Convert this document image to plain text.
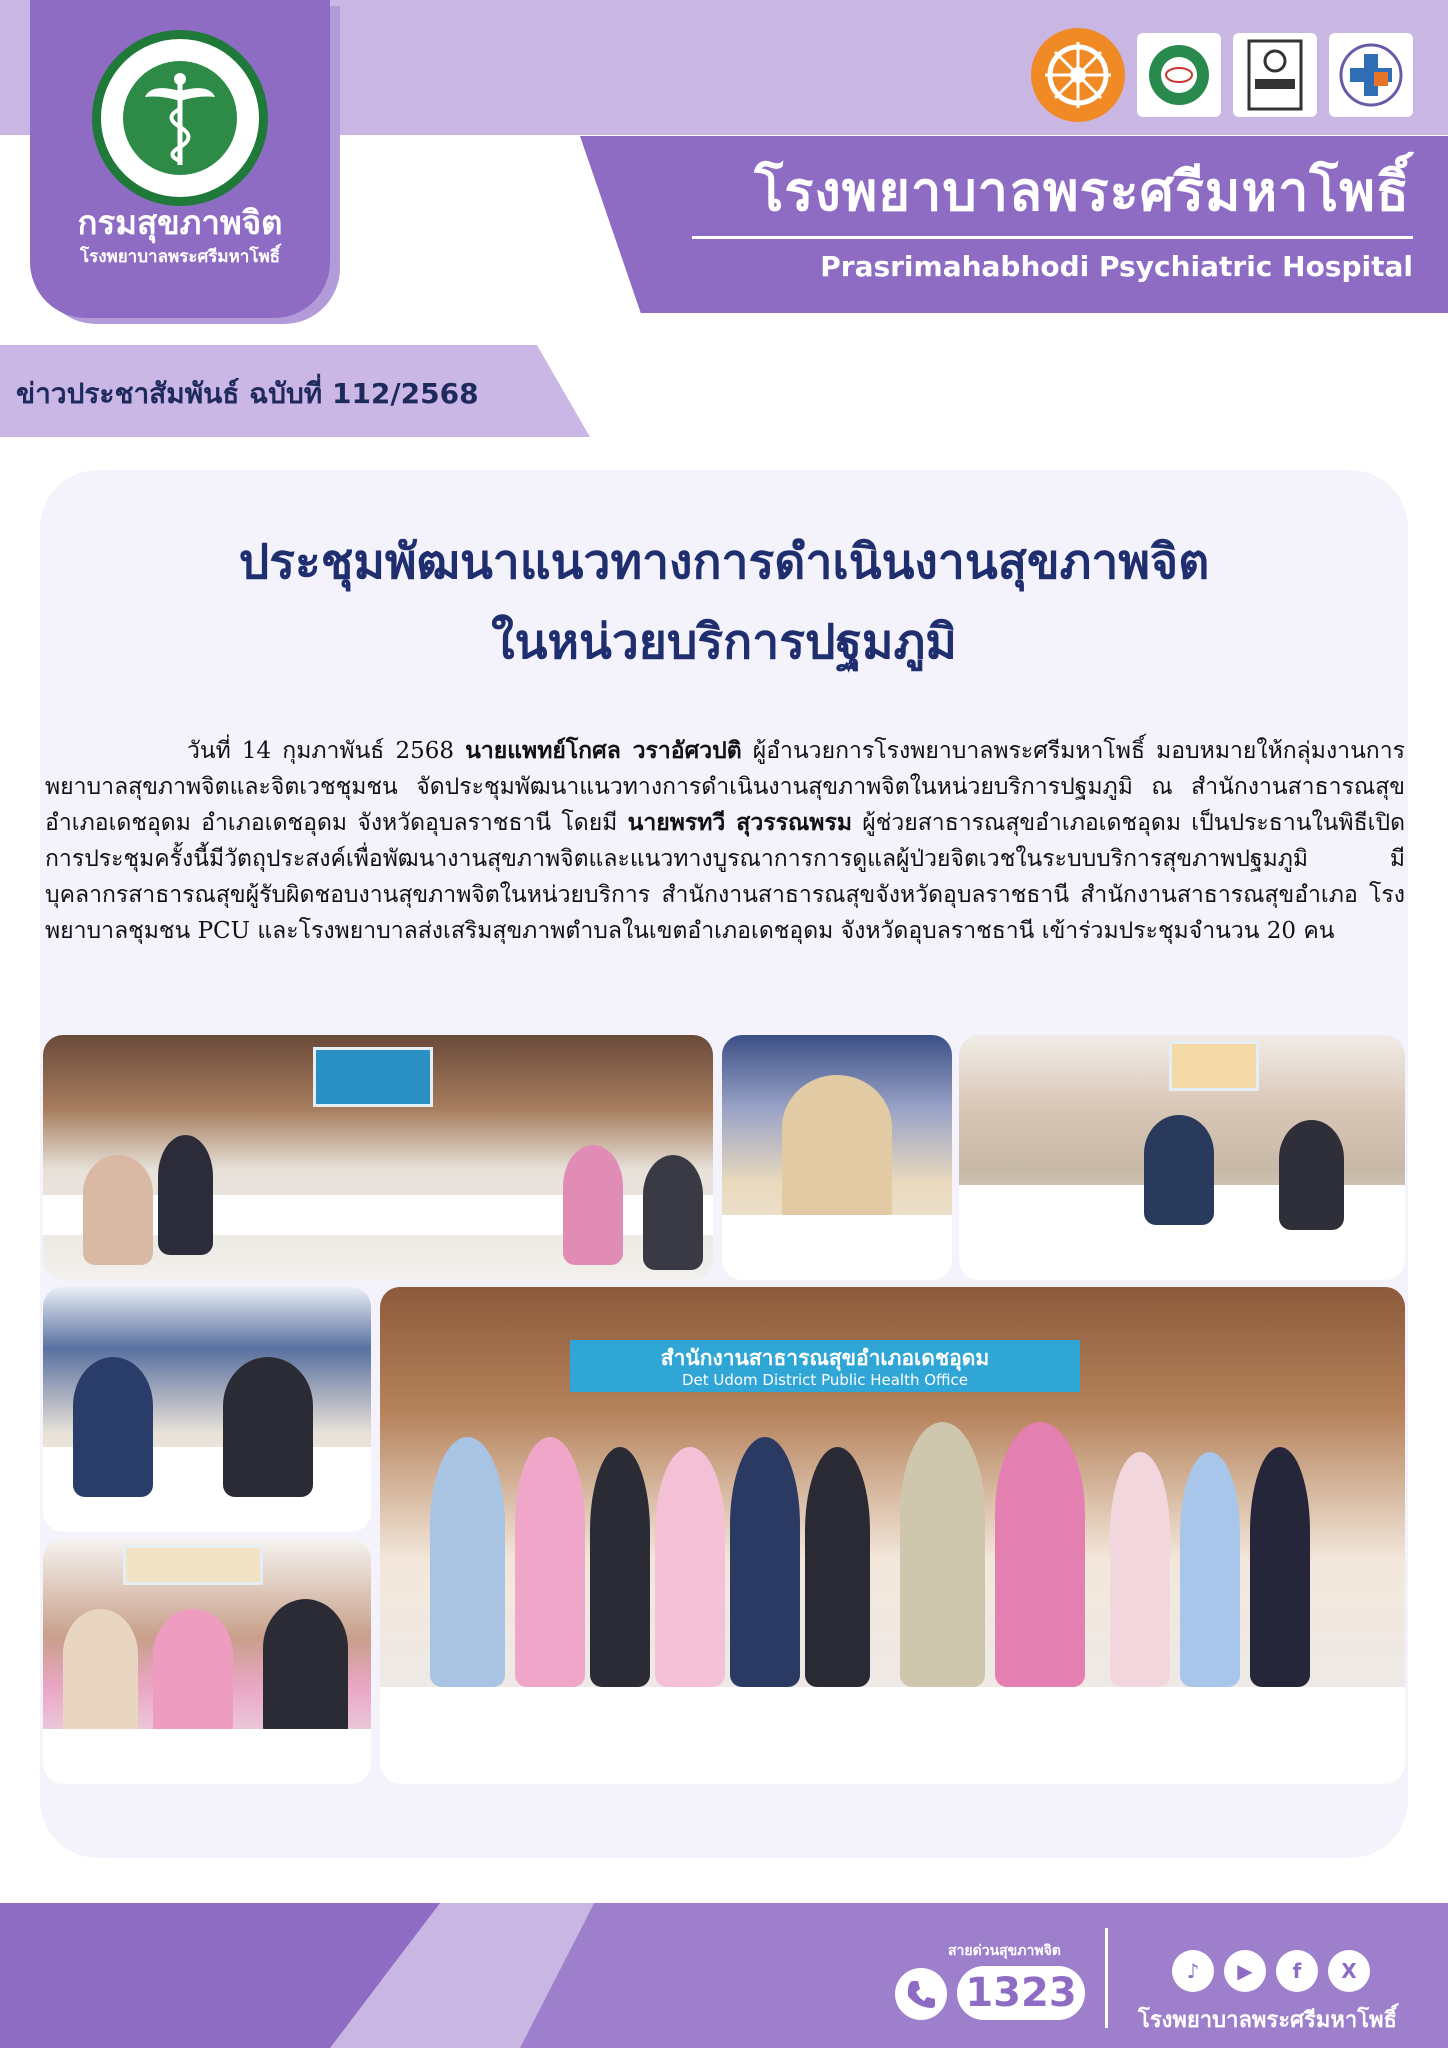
กรมสุขภาพจิต
โรงพยาบาลพระศรีมหาโพธิ์
โรงพยาบาลพระศรีมหาโพธิ์
Prasrimahabhodi Psychiatric Hospital
ข่าวประชาสัมพันธ์ ฉบับที่ 112/2568
ประชุมพัฒนาแนวทางการดำเนินงานสุขภาพจิต
ในหน่วยบริการปฐมภูมิ

วันที่ 14 กุมภาพันธ์ 2568 นายแพทย์โกศล วราอัศวปติ ผู้อำนวยการโรงพยาบาลพระศรีมหาโพธิ์ มอบหมายให้กลุ่มงานการพยาบาลสุขภาพจิตและจิตเวชชุมชน จัดประชุมพัฒนาแนวทางการดำเนินงานสุขภาพจิตในหน่วยบริการปฐมภูมิ ณ สำนักงานสาธารณสุขอำเภอเดชอุดม อำเภอเดชอุดม จังหวัดอุบลราชธานี โดยมี นายพรทวี สุวรรณพรม ผู้ช่วยสาธารณสุขอำเภอเดชอุดม เป็นประธานในพิธีเปิด การประชุมครั้งนี้มีวัตถุประสงค์เพื่อพัฒนางานสุขภาพจิตและแนวทางบูรณาการการดูแลผู้ป่วยจิตเวชในระบบบริการสุขภาพปฐมภูมิ มีบุคลากรสาธารณสุขผู้รับผิดชอบงานสุขภาพจิตในหน่วยบริการ สำนักงานสาธารณสุขจังหวัดอุบลราชธานี สำนักงานสาธารณสุขอำเภอ โรงพยาบาลชุมชน PCU และโรงพยาบาลส่งเสริมสุขภาพตำบลในเขตอำเภอเดชอุดม จังหวัดอุบลราชธานี เข้าร่วมประชุมจำนวน 20 คน

สำนักงานสาธารณสุขอำเภอเดชอุดม
Det Udom District Public Health Office
สายด่วนสุขภาพจิต
1323	♪	▶	f	X
โรงพยาบาลพระศรีมหาโพธิ์
